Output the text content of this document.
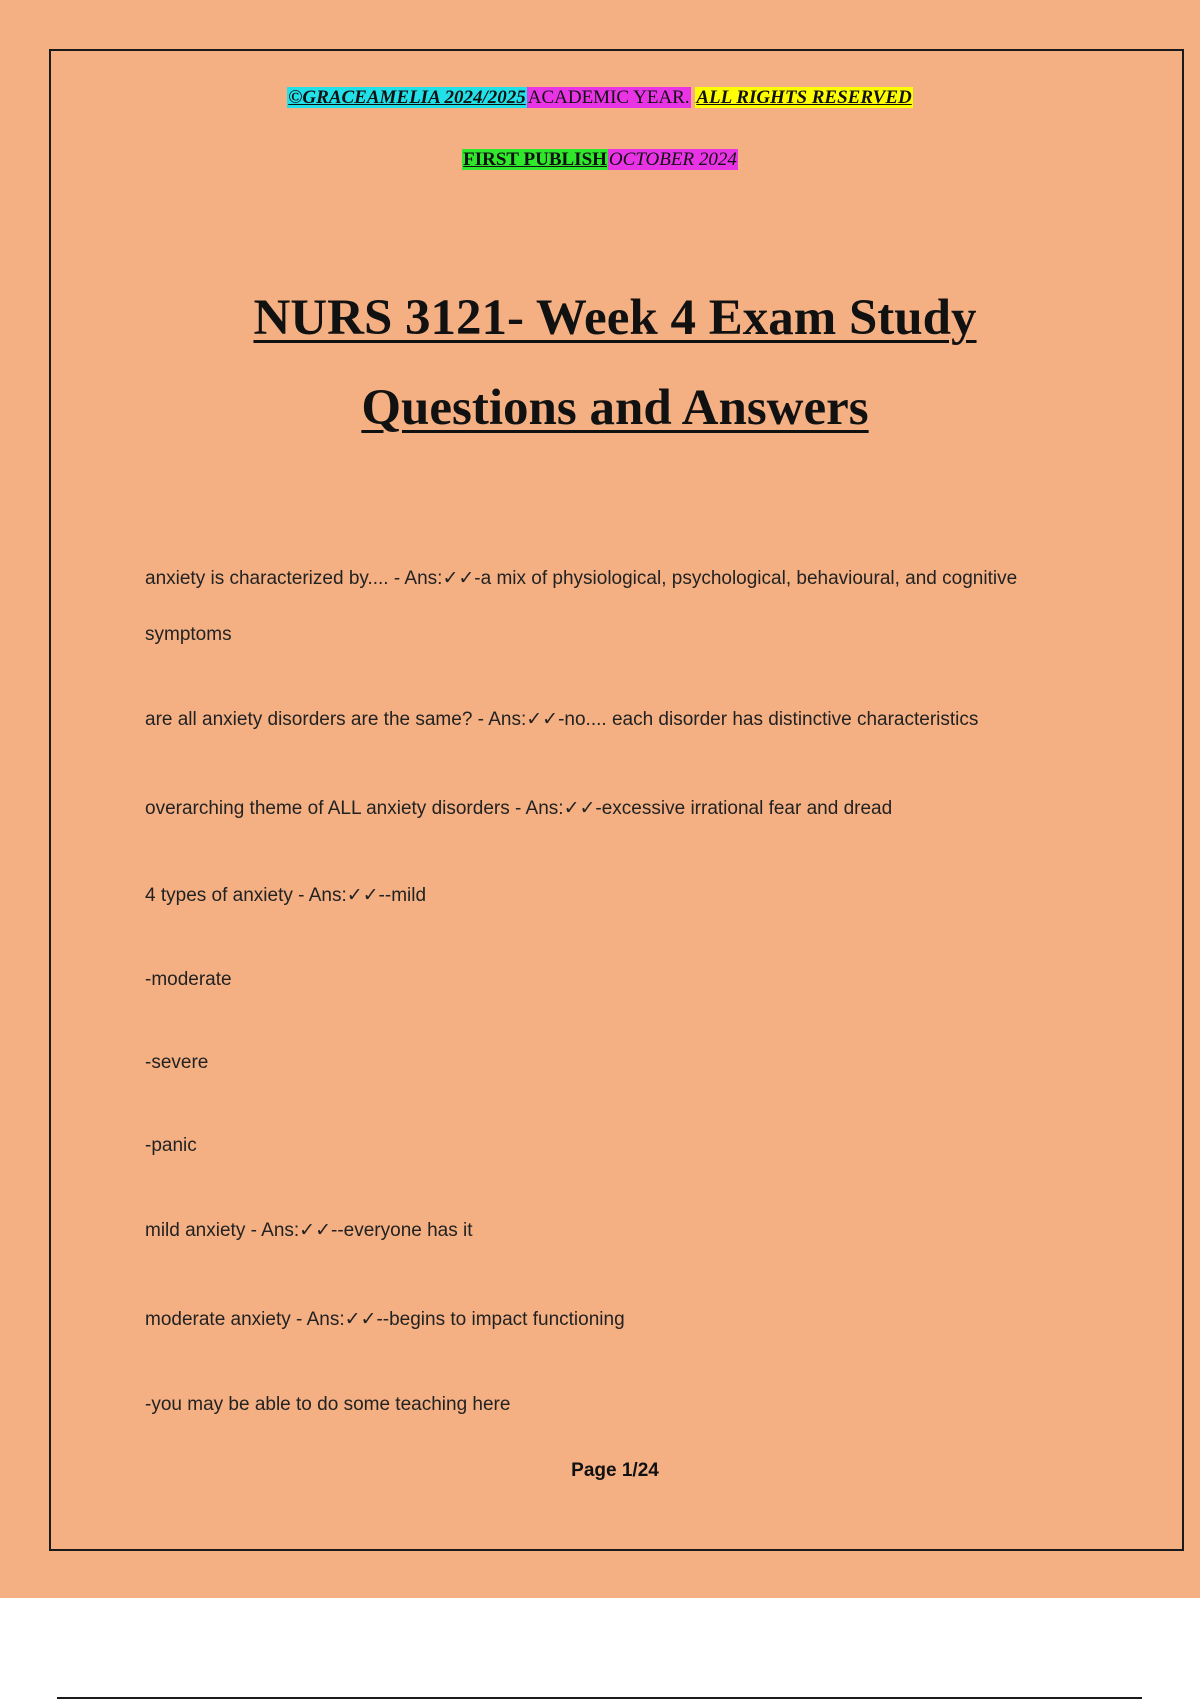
©GRACEAMELIA 2024/2025 ACADEMIC YEAR. ALL RIGHTS RESERVED
FIRST PUBLISH OCTOBER 2024
NURS 3121- Week 4 Exam Study
Questions and Answers
anxiety is characterized by.... - Ans:✓✓-a mix of physiological, psychological, behavioural, and cognitive
symptoms
are all anxiety disorders are the same? - Ans:✓✓-no.... each disorder has distinctive characteristics
overarching theme of ALL anxiety disorders - Ans:✓✓-excessive irrational fear and dread
4 types of anxiety - Ans:✓✓--mild
-moderate
-severe
-panic
mild anxiety - Ans:✓✓--everyone has it
moderate anxiety - Ans:✓✓--begins to impact functioning
-you may be able to do some teaching here
Page 1/24
